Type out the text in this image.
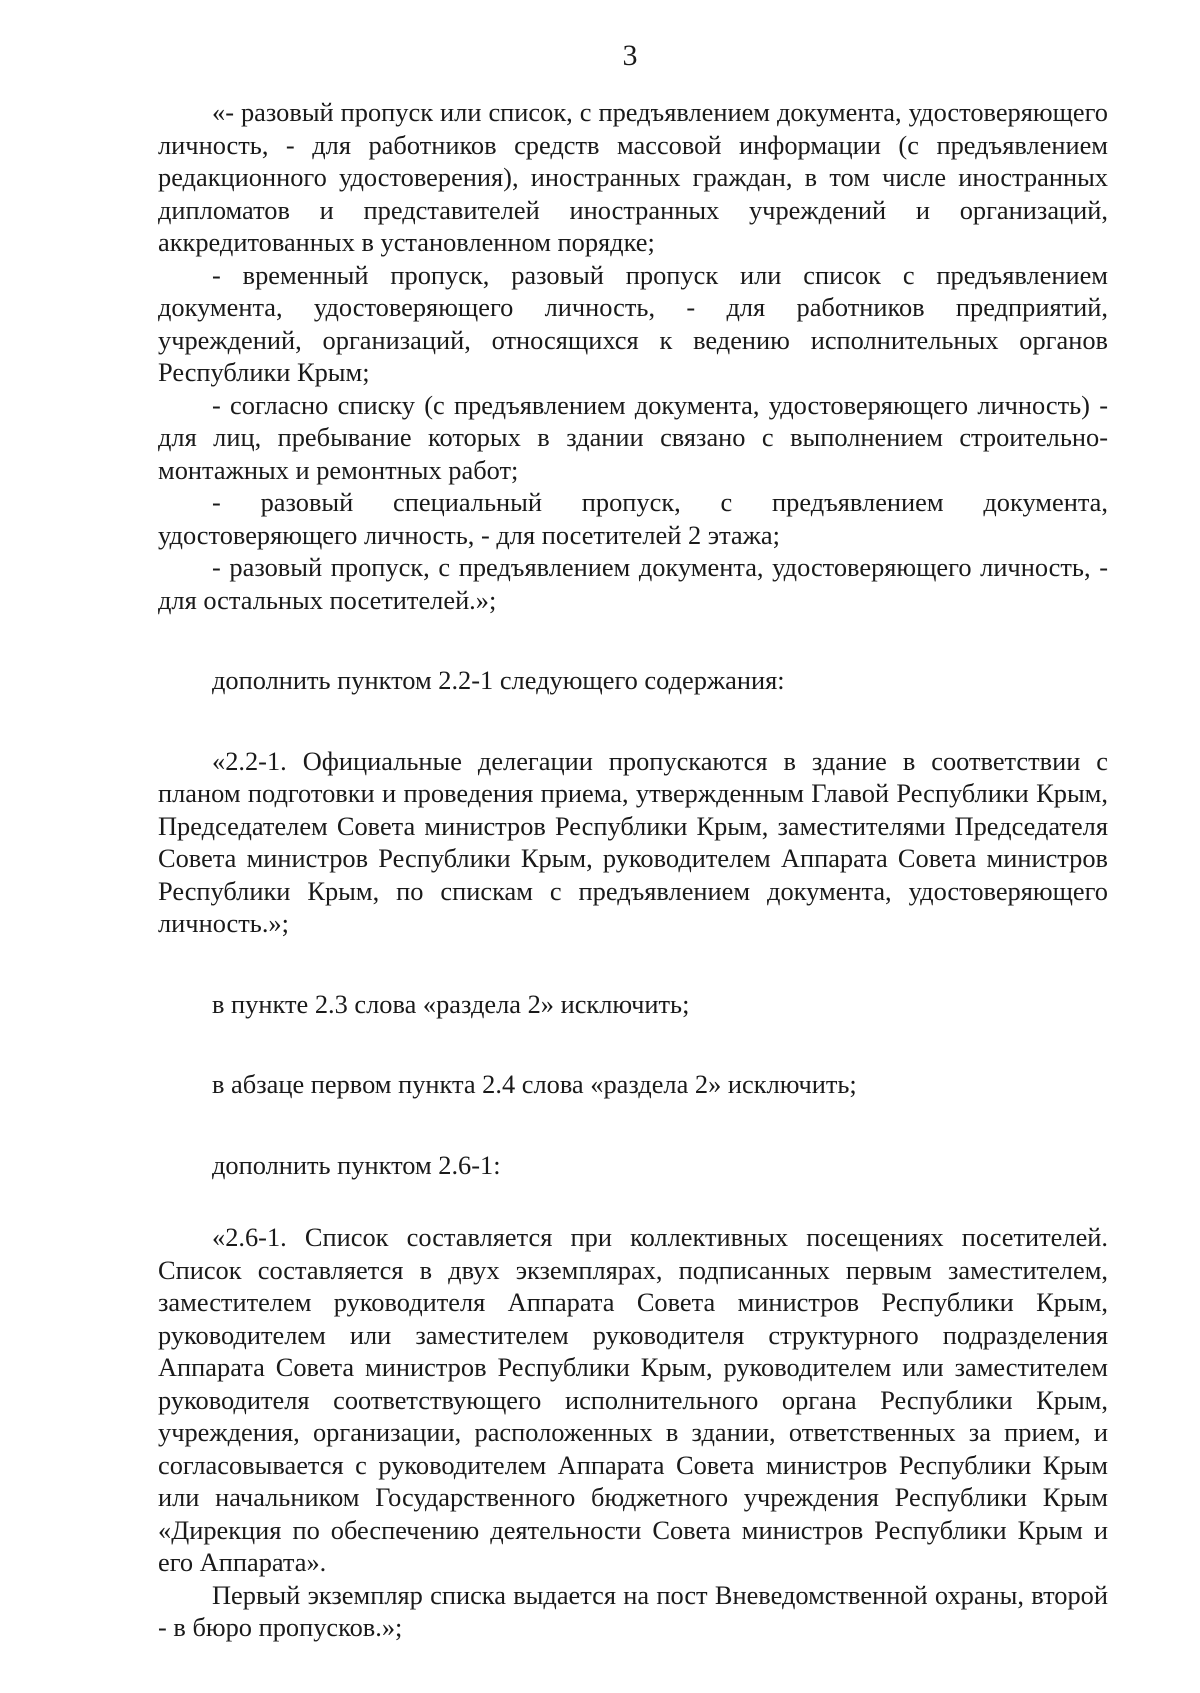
3

«- разовый пропуск или список, с предъявлением документа, удостоверяющего личность, - для работников средств массовой информации (с предъявлением редакционного удостоверения), иностранных граждан, в том числе иностранных дипломатов и представителей иностранных учреждений и организаций, аккредитованных в установленном порядке;

- временный пропуск, разовый пропуск или список с предъявлением документа, удостоверяющего личность, - для работников предприятий, учреждений, организаций, относящихся к ведению исполнительных органов Республики Крым;

- согласно списку (с предъявлением документа, удостоверяющего личность) - для лиц, пребывание которых в здании связано с выполнением строительно-монтажных и ремонтных работ;

- разовый специальный пропуск, с предъявлением документа, удостоверяющего личность, - для посетителей 2 этажа;

- разовый пропуск, с предъявлением документа, удостоверяющего личность, - для остальных посетителей.»;

дополнить пунктом 2.2-1 следующего содержания:

«2.2-1. Официальные делегации пропускаются в здание в соответствии с планом подготовки и проведения приема, утвержденным Главой Республики Крым, Председателем Совета министров Республики Крым, заместителями Председателя Совета министров Республики Крым, руководителем Аппарата Совета министров Республики Крым, по спискам с предъявлением документа, удостоверяющего личность.»;

в пункте 2.3 слова «раздела 2» исключить;

в абзаце первом пункта 2.4 слова «раздела 2» исключить;

дополнить пунктом 2.6-1:

«2.6-1. Список составляется при коллективных посещениях посетителей. Список составляется в двух экземплярах, подписанных первым заместителем, заместителем руководителя Аппарата Совета министров Республики Крым, руководителем или заместителем руководителя структурного подразделения Аппарата Совета министров Республики Крым, руководителем или заместителем руководителя соответствующего исполнительного органа Республики Крым, учреждения, организации, расположенных в здании, ответственных за прием, и согласовывается с руководителем Аппарата Совета министров Республики Крым или начальником Государственного бюджетного учреждения Республики Крым «Дирекция по обеспечению деятельности Совета министров Республики Крым и его Аппарата».

Первый экземпляр списка выдается на пост Вневедомственной охраны, второй - в бюро пропусков.»;
